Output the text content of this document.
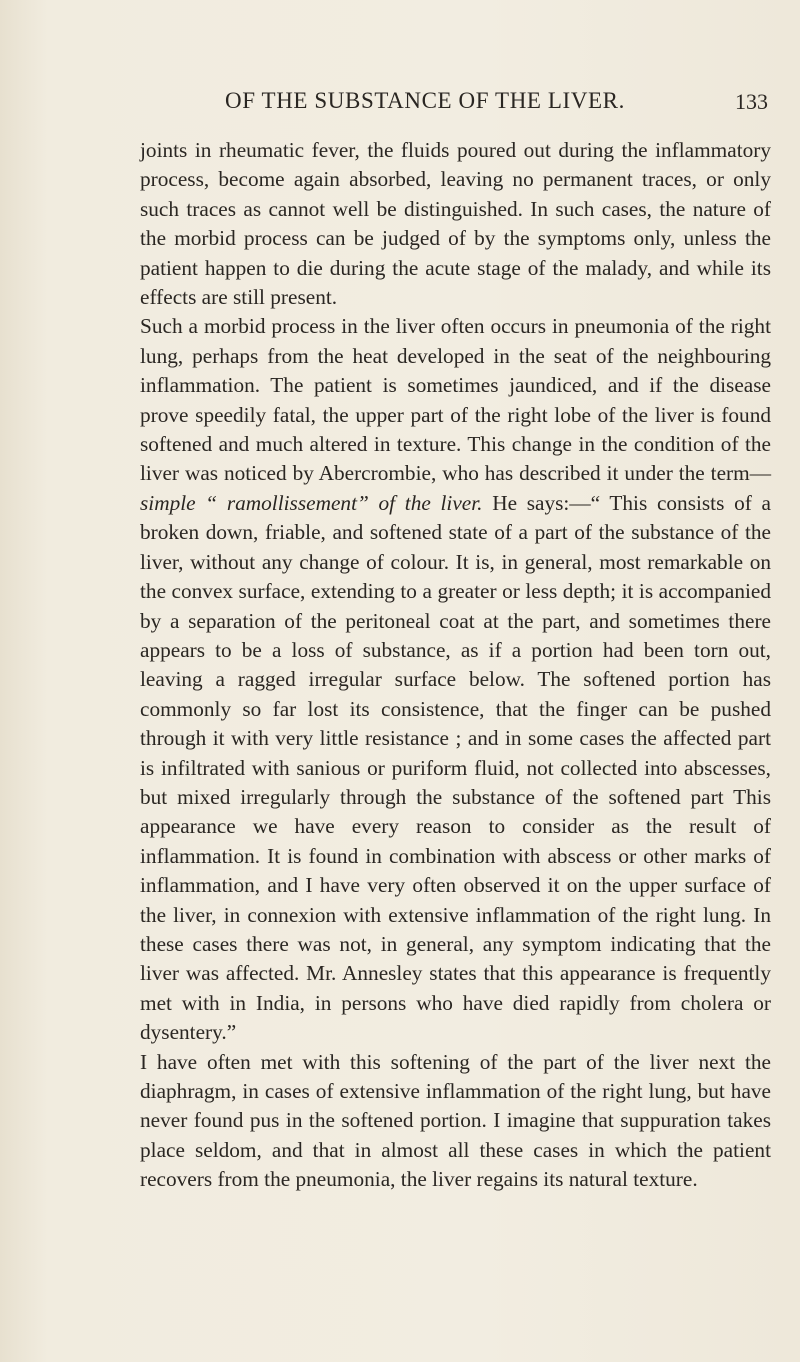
OF THE SUBSTANCE OF THE LIVER.	133

joints in rheumatic fever, the fluids poured out during the inflammatory process, become again absorbed, leaving no permanent traces, or only such traces as cannot well be distinguished. In such cases, the nature of the morbid process can be judged of by the symptoms only, unless the patient happen to die during the acute stage of the malady, and while its effects are still present.

Such a morbid process in the liver often occurs in pneumonia of the right lung, perhaps from the heat developed in the seat of the neighbouring inflammation. The patient is sometimes jaundiced, and if the disease prove speedily fatal, the upper part of the right lobe of the liver is found softened and much altered in texture. This change in the condition of the liver was noticed by Abercrombie, who has described it under the term—simple “ ramollissement” of the liver. He says:—“ This consists of a broken down, friable, and softened state of a part of the substance of the liver, without any change of colour. It is, in general, most remarkable on the convex surface, extending to a greater or less depth; it is accompanied by a separation of the peritoneal coat at the part, and sometimes there appears to be a loss of substance, as if a portion had been torn out, leaving a ragged irregular surface below. The softened portion has commonly so far lost its consistence, that the finger can be pushed through it with very little resistance ; and in some cases the affected part is infiltrated with sanious or puriform fluid, not collected into abscesses, but mixed irregularly through the substance of the softened part This appearance we have every reason to consider as the result of inflammation. It is found in combination with abscess or other marks of inflammation, and I have very often observed it on the upper surface of the liver, in connexion with extensive inflammation of the right lung. In these cases there was not, in general, any symptom indicating that the liver was affected. Mr. Annesley states that this appearance is frequently met with in India, in persons who have died rapidly from cholera or dysentery.”

I have often met with this softening of the part of the liver next the diaphragm, in cases of extensive inflammation of the right lung, but have never found pus in the softened portion. I imagine that suppuration takes place seldom, and that in almost all these cases in which the patient recovers from the pneumonia, the liver regains its natural texture.
